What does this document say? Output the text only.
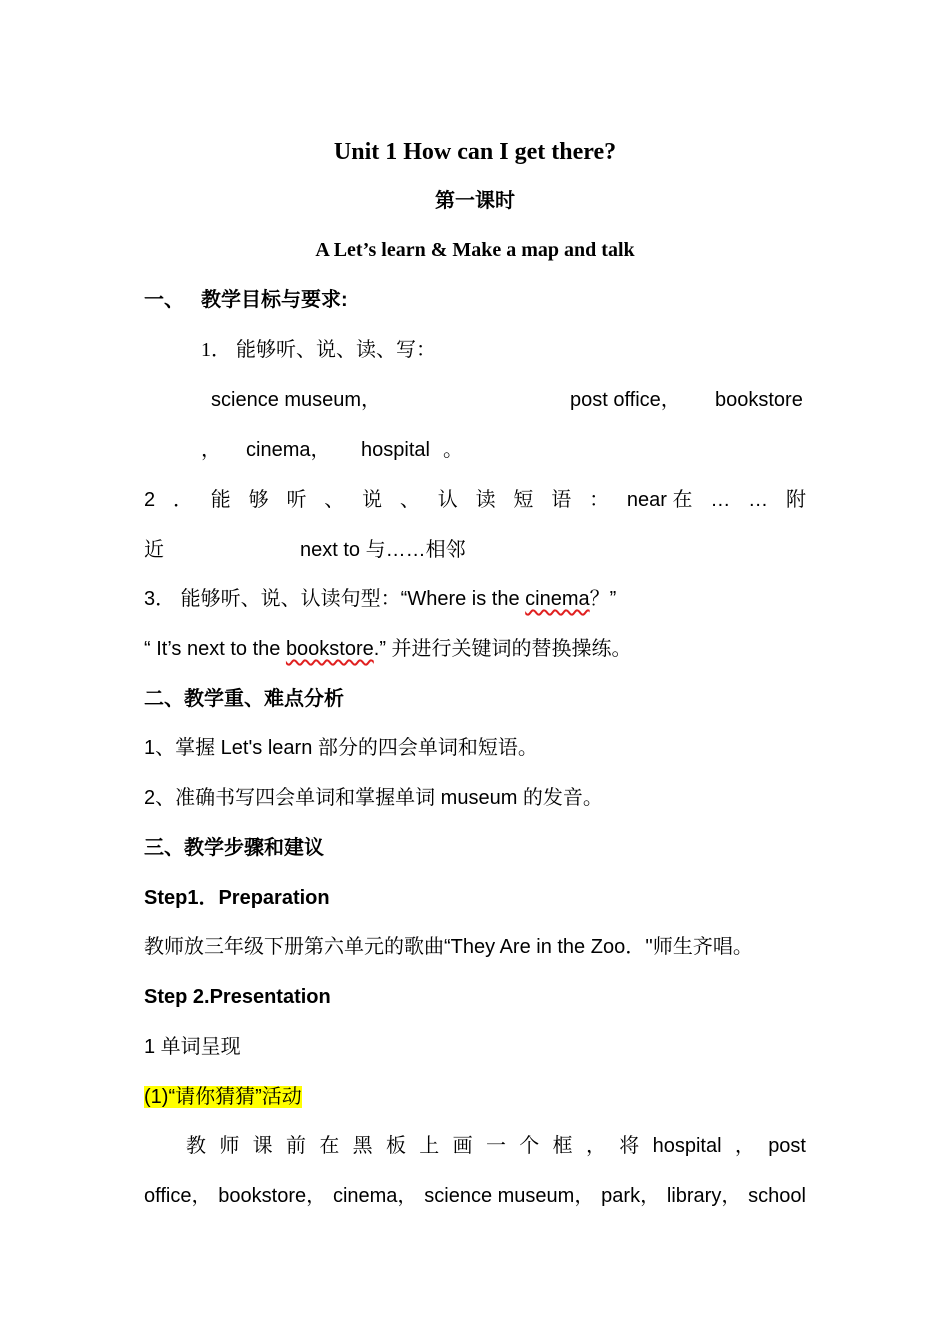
Unit 1 How can I get there?
第一课时
A Let’s learn & Make a map and talk
一、 教学目标与要求:
1． 能够听、说、读、写：
science museum，	post office， bookstore
， cinema， hospital 。
2 ． 能 够 听 、 说 、 认 读 短 语 ： near 在 … … 附
近	next to 与……相邻
3． 能够听、说、认读句型：“Where is the cinema？”
“ It’s next to the bookstore.” 并进行关键词的替换操练。
二、教学重、难点分析
1、掌握 Let's learn 部分的四会单词和短语。
2、准确书写四会单词和掌握单词 museum 的发音。
三、教学步骤和建议
Step1．Preparation
教师放三年级下册第六单元的歌曲“They Are in the Zoo．''师生齐唱。
Step 2.Presentation
1 单词呈现
(1)“请你猜猜”活动
教 师 课 前 在 黑 板 上 画 一 个 框 ， 将 hospital ， post
office， bookstore， cinema， science museum， park， library， school
